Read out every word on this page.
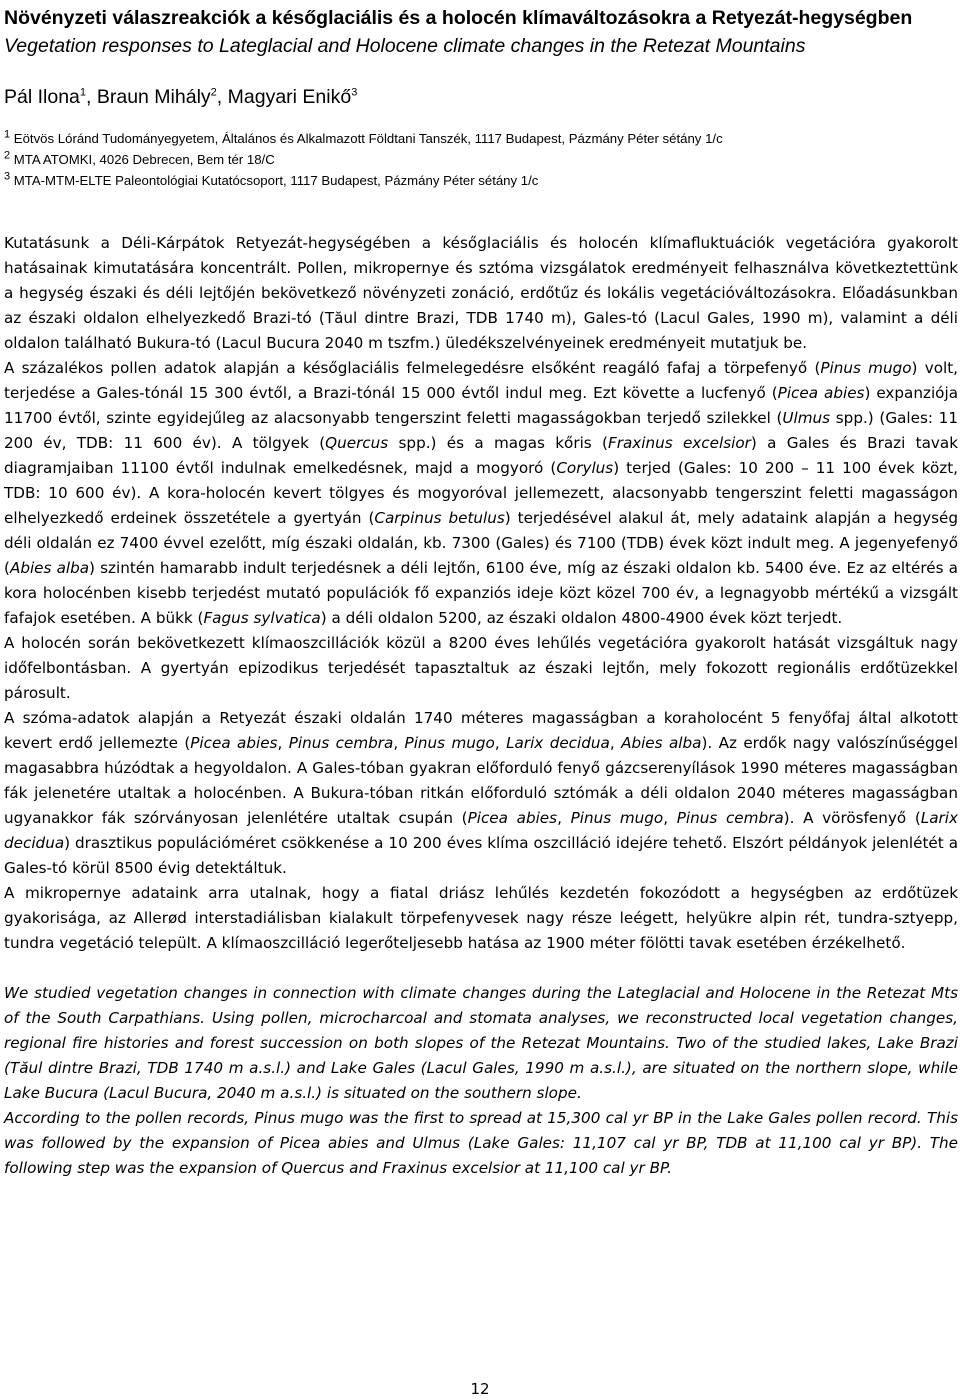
Növényzeti válaszreakciók a későglaciális és a holocén klímaváltozásokra a Retyezát-hegységben
Vegetation responses to Lateglacial and Holocene climate changes in the Retezat Mountains
Pál Ilona$^1$, Braun Mihály$^2$, Magyari Enikő$^3$
$^1$ Eötvös Lóránd Tudományegyetem, Általános és Alkalmazott Földtani Tanszék, 1117 Budapest, Pázmány Péter sétány 1/c
$^2$ MTA ATOMKI, 4026 Debrecen, Bem tér 18/C
$^3$ MTA-MTM-ELTE Paleontológiai Kutatócsoport, 1117 Budapest, Pázmány Péter sétány 1/c

Kutatásunk a Déli-Kárpátok Retyezát-hegységében a későglaciális és holocén klímafluktuációk vegetációra gyakorolt hatásainak kimutatására koncentrált. Pollen, mikropernye és sztóma vizsgálatok eredményeit felhasználva következtettünk a hegység északi és déli lejtőjén bekövetkező növényzeti zonáció, erdőtűz és lokális vegetációváltozásokra. Előadásunkban az északi oldalon elhelyezkedő Brazi-tó (Tăul dintre Brazi, TDB 1740 m), Gales-tó (Lacul Gales, 1990 m), valamint a déli oldalon található Bukura-tó (Lacul Bucura 2040 m tszfm.) üledékszelvényeinek eredményeit mutatjuk be.

A százalékos pollen adatok alapján a későglaciális felmelegedésre elsőként reagáló fafaj a törpefenyő (Pinus mugo) volt, terjedése a Gales-tónál 15 300 évtől, a Brazi-tónál 15 000 évtől indul meg. Ezt követte a lucfenyő (Picea abies) expanziója 11700 évtől, szinte egyidejűleg az alacsonyabb tengerszint feletti magasságokban terjedő szilekkel (Ulmus spp.) (Gales: 11 200 év, TDB: 11 600 év). A tölgyek (Quercus spp.) és a magas kőris (Fraxinus excelsior) a Gales és Brazi tavak diagramjaiban 11100 évtől indulnak emelkedésnek, majd a mogyoró (Corylus) terjed (Gales: 10 200 – 11 100 évek közt, TDB: 10 600 év). A kora-holocén kevert tölgyes és mogyoróval jellemezett, alacsonyabb tengerszint feletti magasságon elhelyezkedő erdeinek összetétele a gyertyán (Carpinus betulus) terjedésével alakul át, mely adataink alapján a hegység déli oldalán ez 7400 évvel ezelőtt, míg északi oldalán, kb. 7300 (Gales) és 7100 (TDB) évek közt indult meg. A jegenyefenyő (Abies alba) szintén hamarabb indult terjedésnek a déli lejtőn, 6100 éve, míg az északi oldalon kb. 5400 éve. Ez az eltérés a kora holocénben kisebb terjedést mutató populációk fő expanziós ideje közt közel 700 év, a legnagyobb mértékű a vizsgált fafajok esetében. A bükk (Fagus sylvatica) a déli oldalon 5200, az északi oldalon 4800-4900 évek közt terjedt.

A holocén során bekövetkezett klímaoszcillációk közül a 8200 éves lehűlés vegetációra gyakorolt hatását vizsgáltuk nagy időfelbontásban. A gyertyán epizodikus terjedését tapasztaltuk az északi lejtőn, mely fokozott regionális erdőtüzekkel párosult.

A szóma-adatok alapján a Retyezát északi oldalán 1740 méteres magasságban a koraholocént 5 fenyőfaj által alkotott kevert erdő jellemezte (Picea abies, Pinus cembra, Pinus mugo, Larix decidua, Abies alba). Az erdők nagy valószínűséggel magasabbra húzódtak a hegyoldalon. A Gales-tóban gyakran előforduló fenyő gázcserenyílások 1990 méteres magasságban fák jelenetére utaltak a holocénben. A Bukura-tóban ritkán előforduló sztómák a déli oldalon 2040 méteres magasságban ugyanakkor fák szórványosan jelenlétére utaltak csupán (Picea abies, Pinus mugo, Pinus cembra). A vörösfenyő (Larix decidua) drasztikus populációméret csökkenése a 10 200 éves klíma oszcilláció idejére tehető. Elszórt példányok jelenlétét a Gales-tó körül 8500 évig detektáltuk.

A mikropernye adataink arra utalnak, hogy a fiatal driász lehűlés kezdetén fokozódott a hegységben az erdőtüzek gyakorisága, az Allerød interstadiálisban kialakult törpefenyvesek nagy része leégett, helyükre alpin rét, tundra-sztyepp, tundra vegetáció települt. A klímaoszcilláció legerőteljesebb hatása az 1900 méter fölötti tavak esetében érzékelhető.

We studied vegetation changes in connection with climate changes during the Lateglacial and Holocene in the Retezat Mts of the South Carpathians. Using pollen, microcharcoal and stomata analyses, we reconstructed local vegetation changes, regional fire histories and forest succession on both slopes of the Retezat Mountains. Two of the studied lakes, Lake Brazi (Tăul dintre Brazi, TDB 1740 m a.s.l.) and Lake Gales (Lacul Gales, 1990 m a.s.l.), are situated on the northern slope, while Lake Bucura (Lacul Bucura, 2040 m a.s.l.) is situated on the southern slope.

According to the pollen records, Pinus mugo was the first to spread at 15,300 cal yr BP in the Lake Gales pollen record. This was followed by the expansion of Picea abies and Ulmus (Lake Gales: 11,107 cal yr BP, TDB at 11,100 cal yr BP). The following step was the expansion of Quercus and Fraxinus excelsior at 11,100 cal yr BP.

12
